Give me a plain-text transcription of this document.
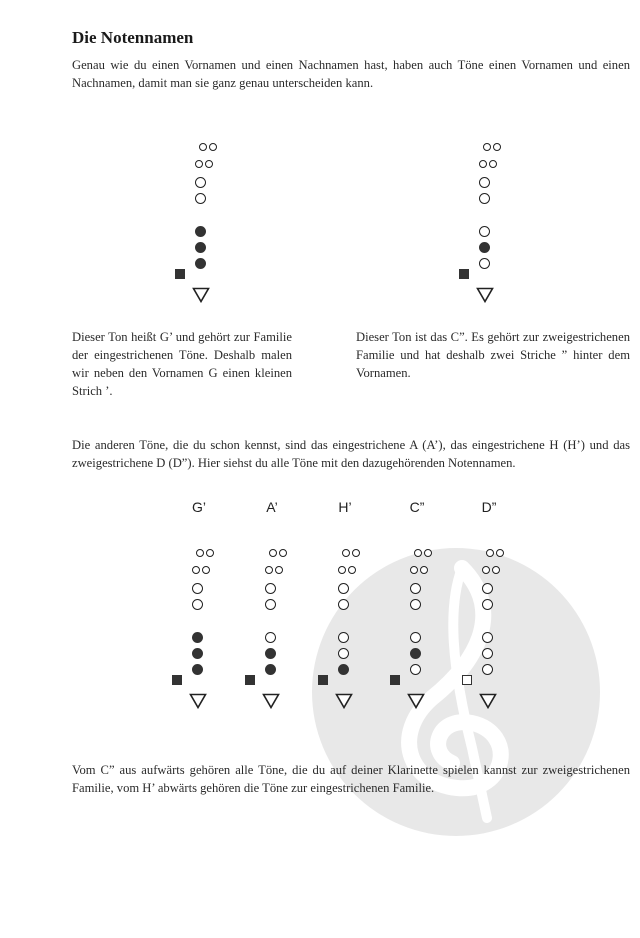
Die Notennamen
Genau wie du einen Vornamen und einen Nachnamen hast, haben auch Töne einen Vornamen und einen Nachnamen, damit man sie ganz genau unterscheiden kann.
Dieser Ton heißt G’ und gehört zur Familie der eingestrichenen Töne. Deshalb malen wir neben den Vornamen G einen kleinen Strich ’.
Dieser Ton ist das C”. Es gehört zur zweigestrichenen Familie und hat deshalb zwei Striche ” hinter dem Vornamen.
Die anderen Töne, die du schon kennst, sind das eingestrichene A (A’), das eingestrichene H (H’) und das zweigestrichene D (D”). Hier siehst du alle Töne mit den dazugehörenden Notennamen.
G’	A’	H’	C”	D”
Vom C” aus aufwärts gehören alle Töne, die du auf deiner Klarinette spielen kannst zur zweigestrichenen Familie, vom H’ abwärts gehören die Töne zur eingestrichenen Familie.
